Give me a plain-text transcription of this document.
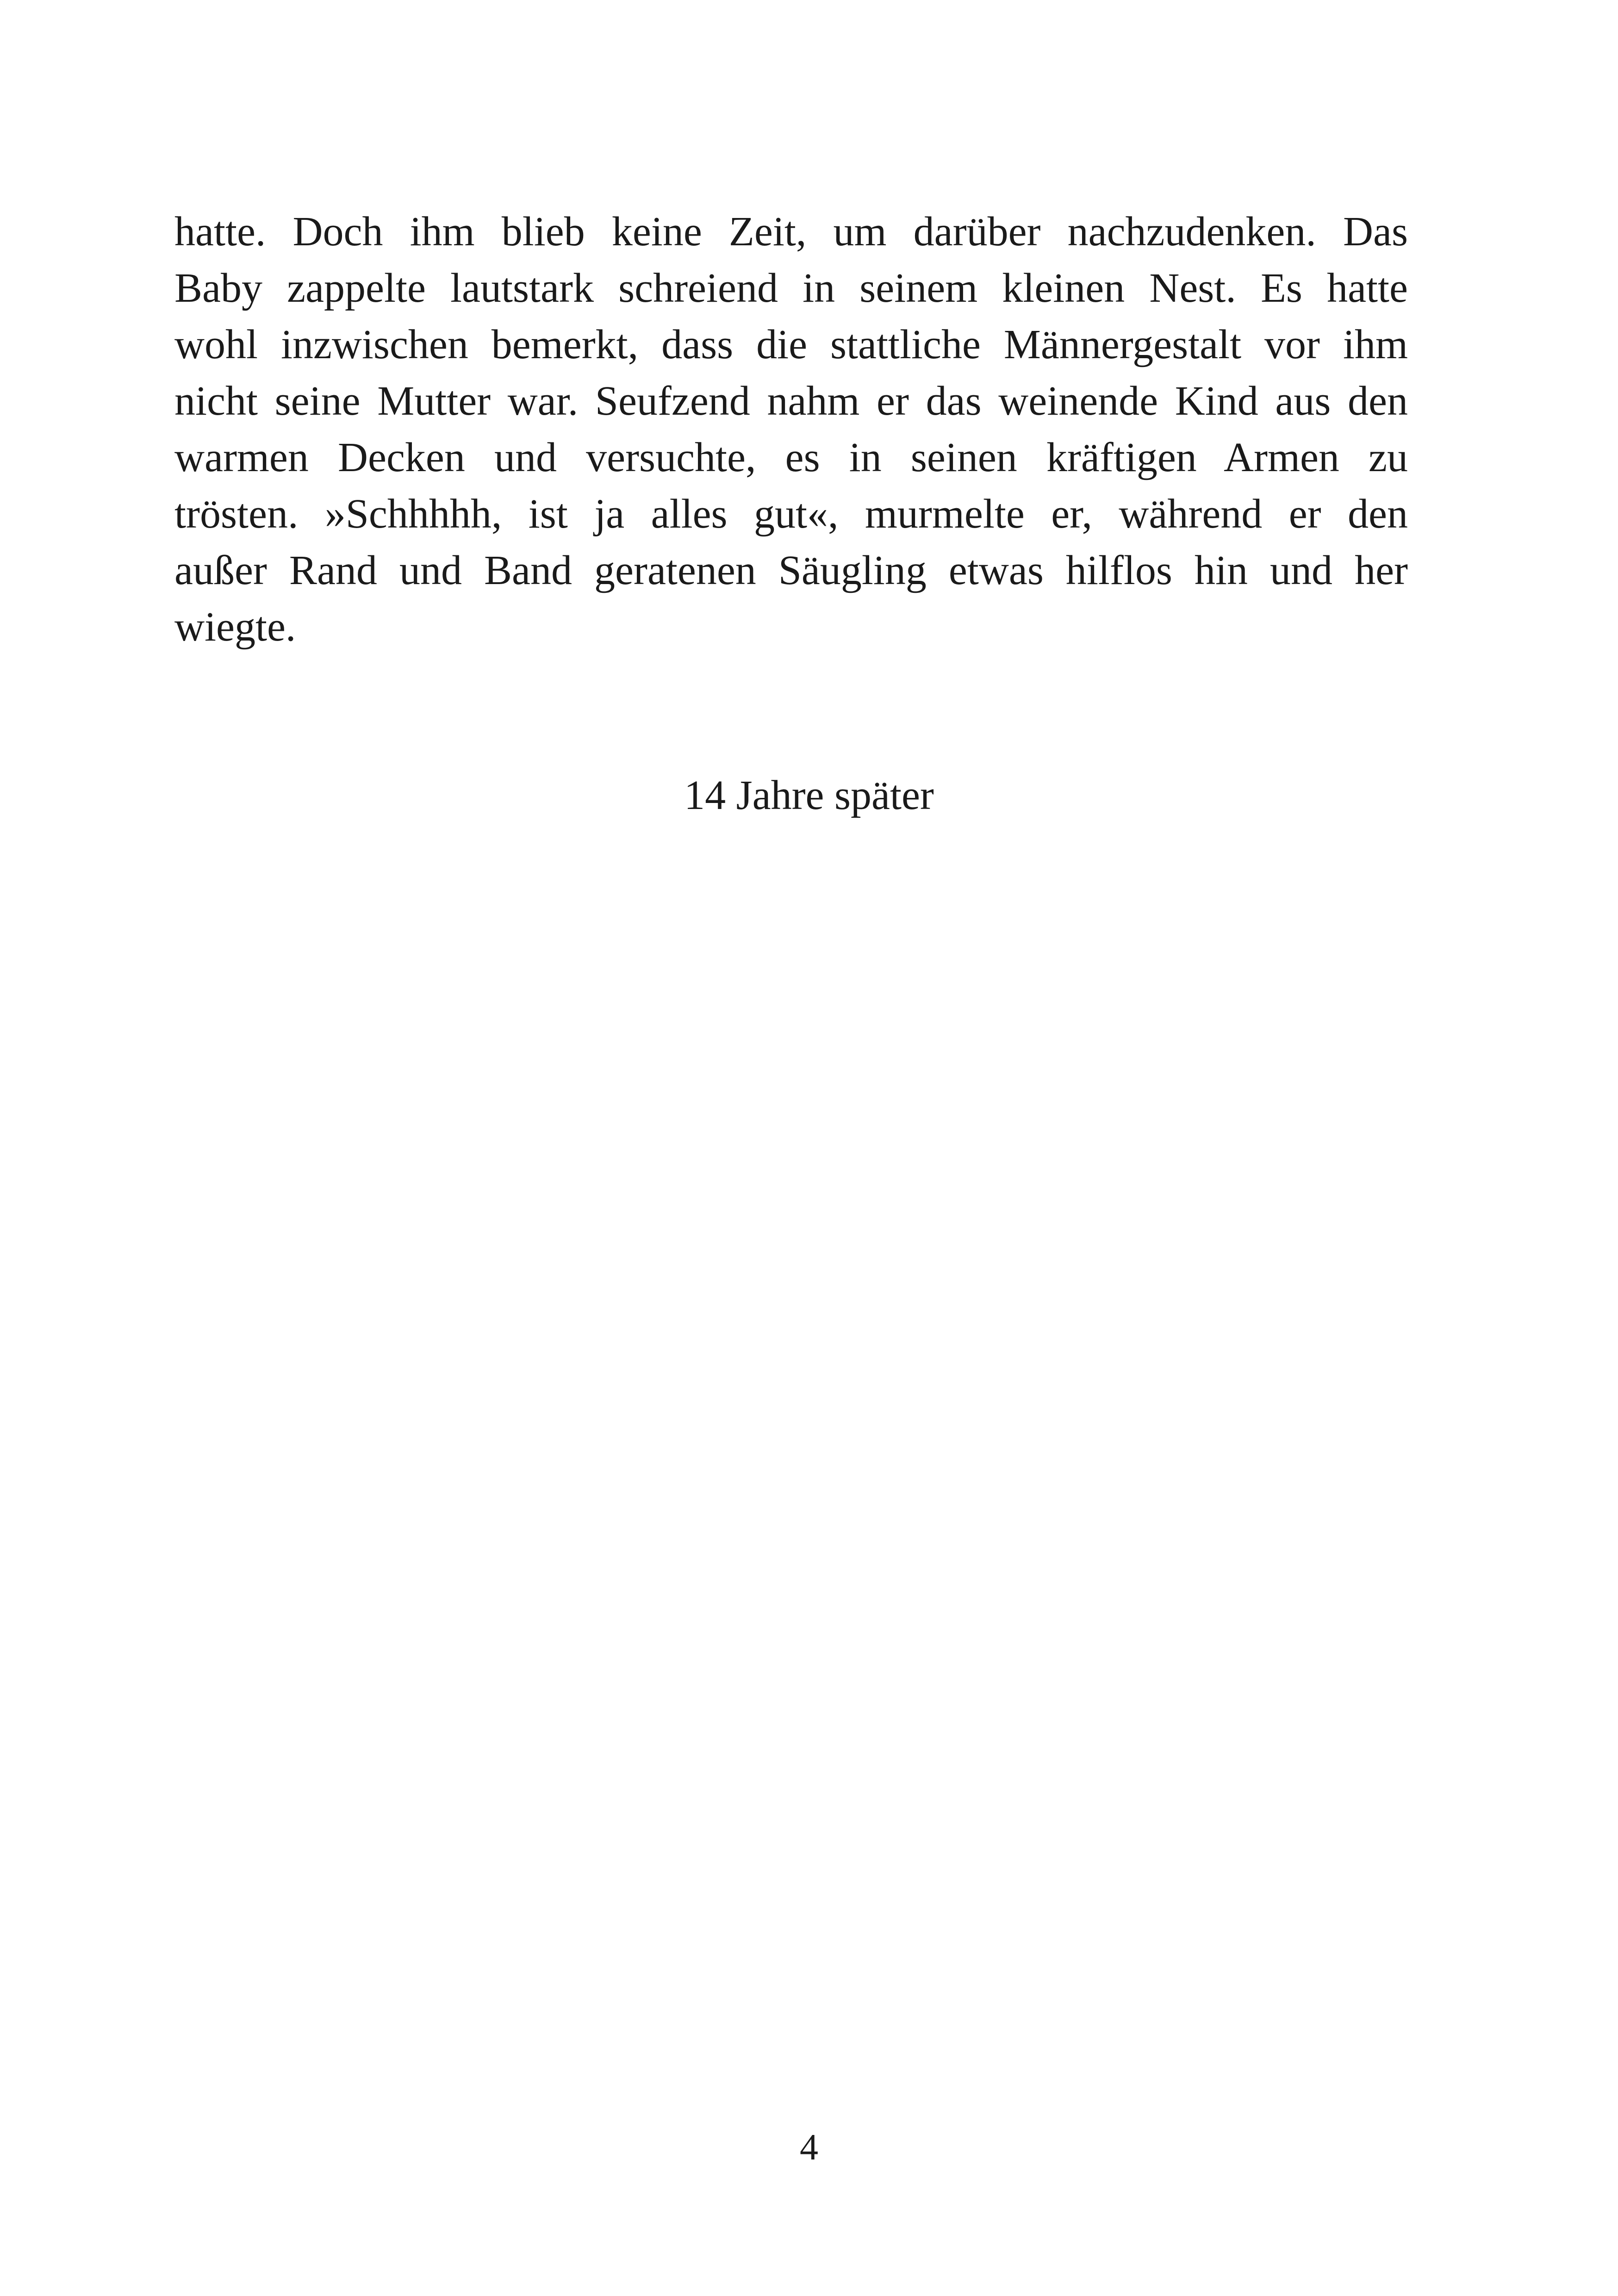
hatte. Doch ihm blieb keine Zeit, um darüber nachzudenken. Das
Baby zappelte lautstark schreiend in seinem kleinen Nest. Es hatte
wohl inzwischen bemerkt, dass die stattliche Männergestalt vor ihm
nicht seine Mutter war. Seufzend nahm er das weinende Kind aus den
warmen Decken und versuchte, es in seinen kräftigen Armen zu
trösten. »Schhhhh, ist ja alles gut«, murmelte er, während er den
außer Rand und Band geratenen Säugling etwas hilflos hin und her
wiegte.
14 Jahre später
4
